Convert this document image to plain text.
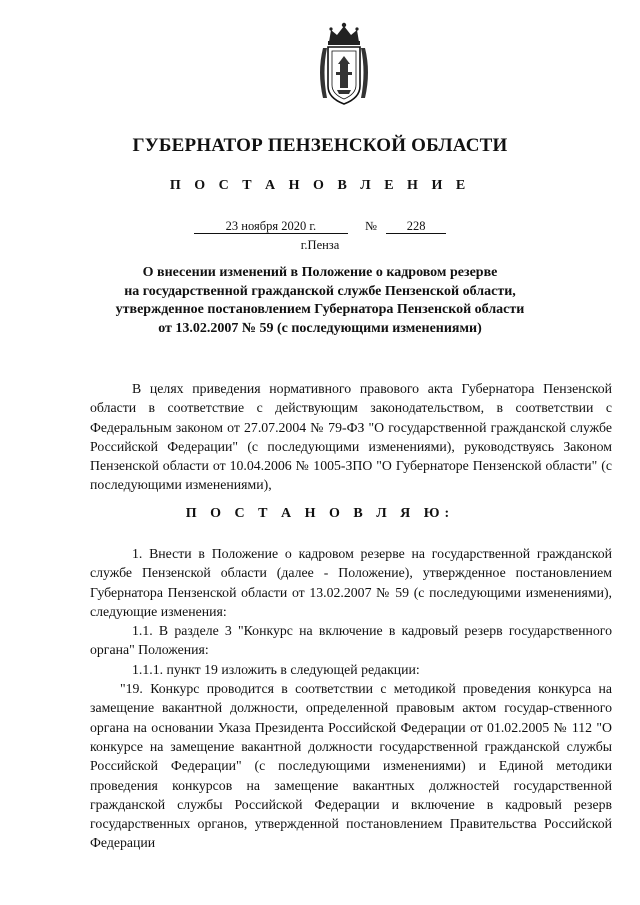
ГУБЕРНАТОР ПЕНЗЕНСКОЙ ОБЛАСТИ
П О С Т А Н О В Л Е Н И Е
23 ноября 2020 г.	№ 228
г.Пенза
О внесении изменений в Положение о кадровом резерве
на государственной гражданской службе Пензенской области,
утвержденное постановлением Губернатора Пензенской области
от 13.02.2007 № 59 (с последующими изменениями)

В целях приведения нормативного правового акта Губернатора Пензенской области в соответствие с действующим законодательством, в соответствии с Федеральным законом от 27.07.2004 № 79-ФЗ "О государственной гражданской службе Российской Федерации" (с последующими изменениями), руководствуясь Законом Пензенской области от 10.04.2006 № 1005-ЗПО "О Губернаторе Пензенской области" (с последующими изменениями),

П О С Т А Н О В Л Я Ю:

1. Внести в Положение о кадровом резерве на государственной гражданской службе Пензенской области (далее - Положение), утвержденное постановлением Губернатора Пензенской области от 13.02.2007 № 59 (с последующими изменениями), следующие изменения:

1.1. В разделе 3 "Конкурс на включение в кадровый резерв государственного органа" Положения:

1.1.1. пункт 19 изложить в следующей редакции:

"19. Конкурс проводится в соответствии с методикой проведения конкурса на замещение вакантной должности, определенной правовым актом государ-ственного органа на основании Указа Президента Российской Федерации от 01.02.2005 № 112 "О конкурсе на замещение вакантной должности государственной гражданской службы Российской Федерации" (с последующими изменениями) и Единой методики проведения конкурсов на замещение вакантных должностей государственной гражданской службы Российской Федерации и включение в кадровый резерв государственных органов, утвержденной постановлением Правительства Российской Федерации
